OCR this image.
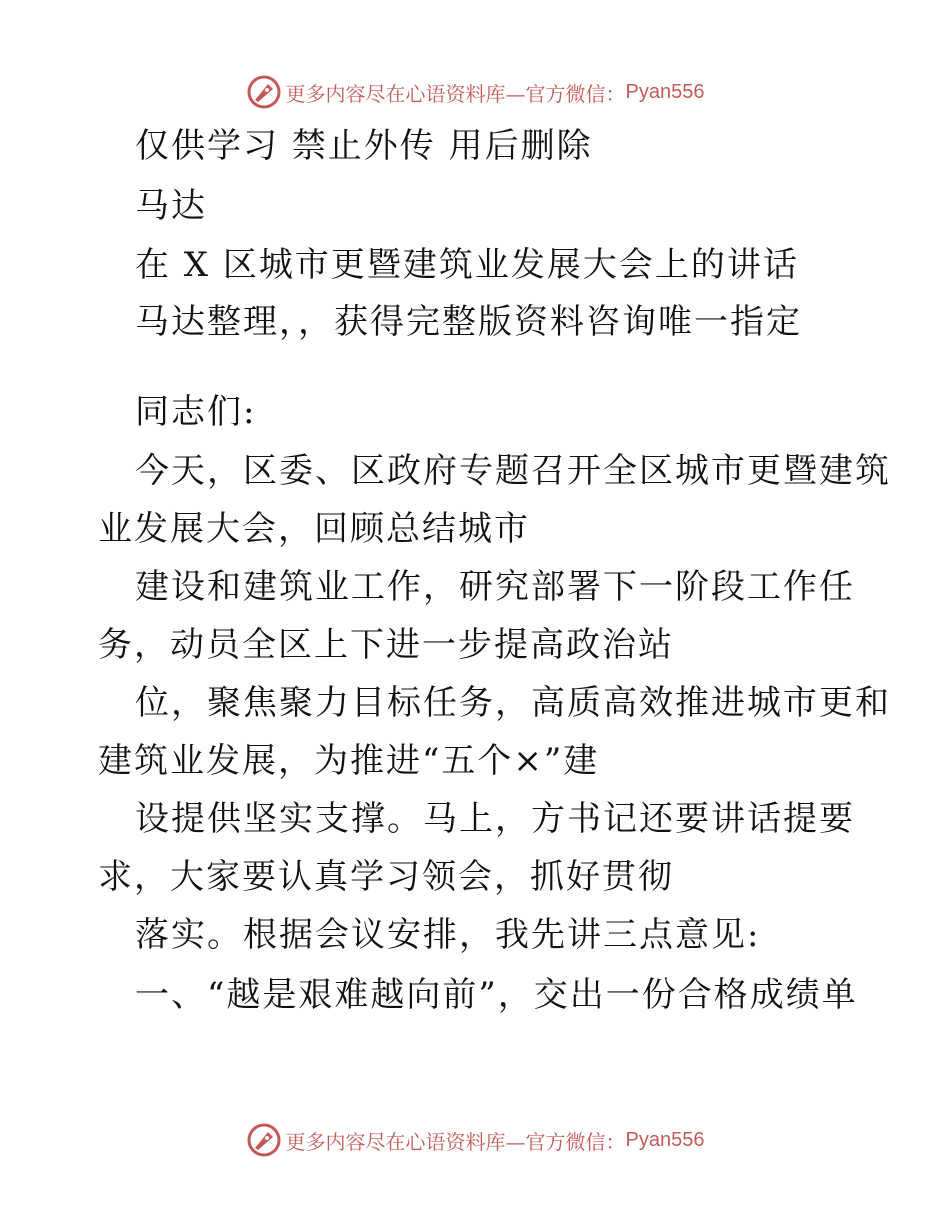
更多内容尽在心语资料库—官方微信： Pyan556

仅供学习 禁止外传 用后删除

马达

在 X 区城市更暨建筑业发展大会上的讲话

马达整理，，获得完整版资料咨询唯一指定

同志们:

今天，区委、区政府专题召开全区城市更暨建筑

业发展大会，回顾总结城市

建设和建筑业工作，研究部署下一阶段工作任

务，动员全区上下进一步提高政治站

位，聚焦聚力目标任务，高质高效推进城市更和

建筑业发展，为推进“五个×”建

设提供坚实支撑。马上，方书记还要讲话提要

求，大家要认真学习领会，抓好贯彻

落实。根据会议安排，我先讲三点意见:

一、“越是艰难越向前”，交出一份合格成绩单

更多内容尽在心语资料库—官方微信： Pyan556
